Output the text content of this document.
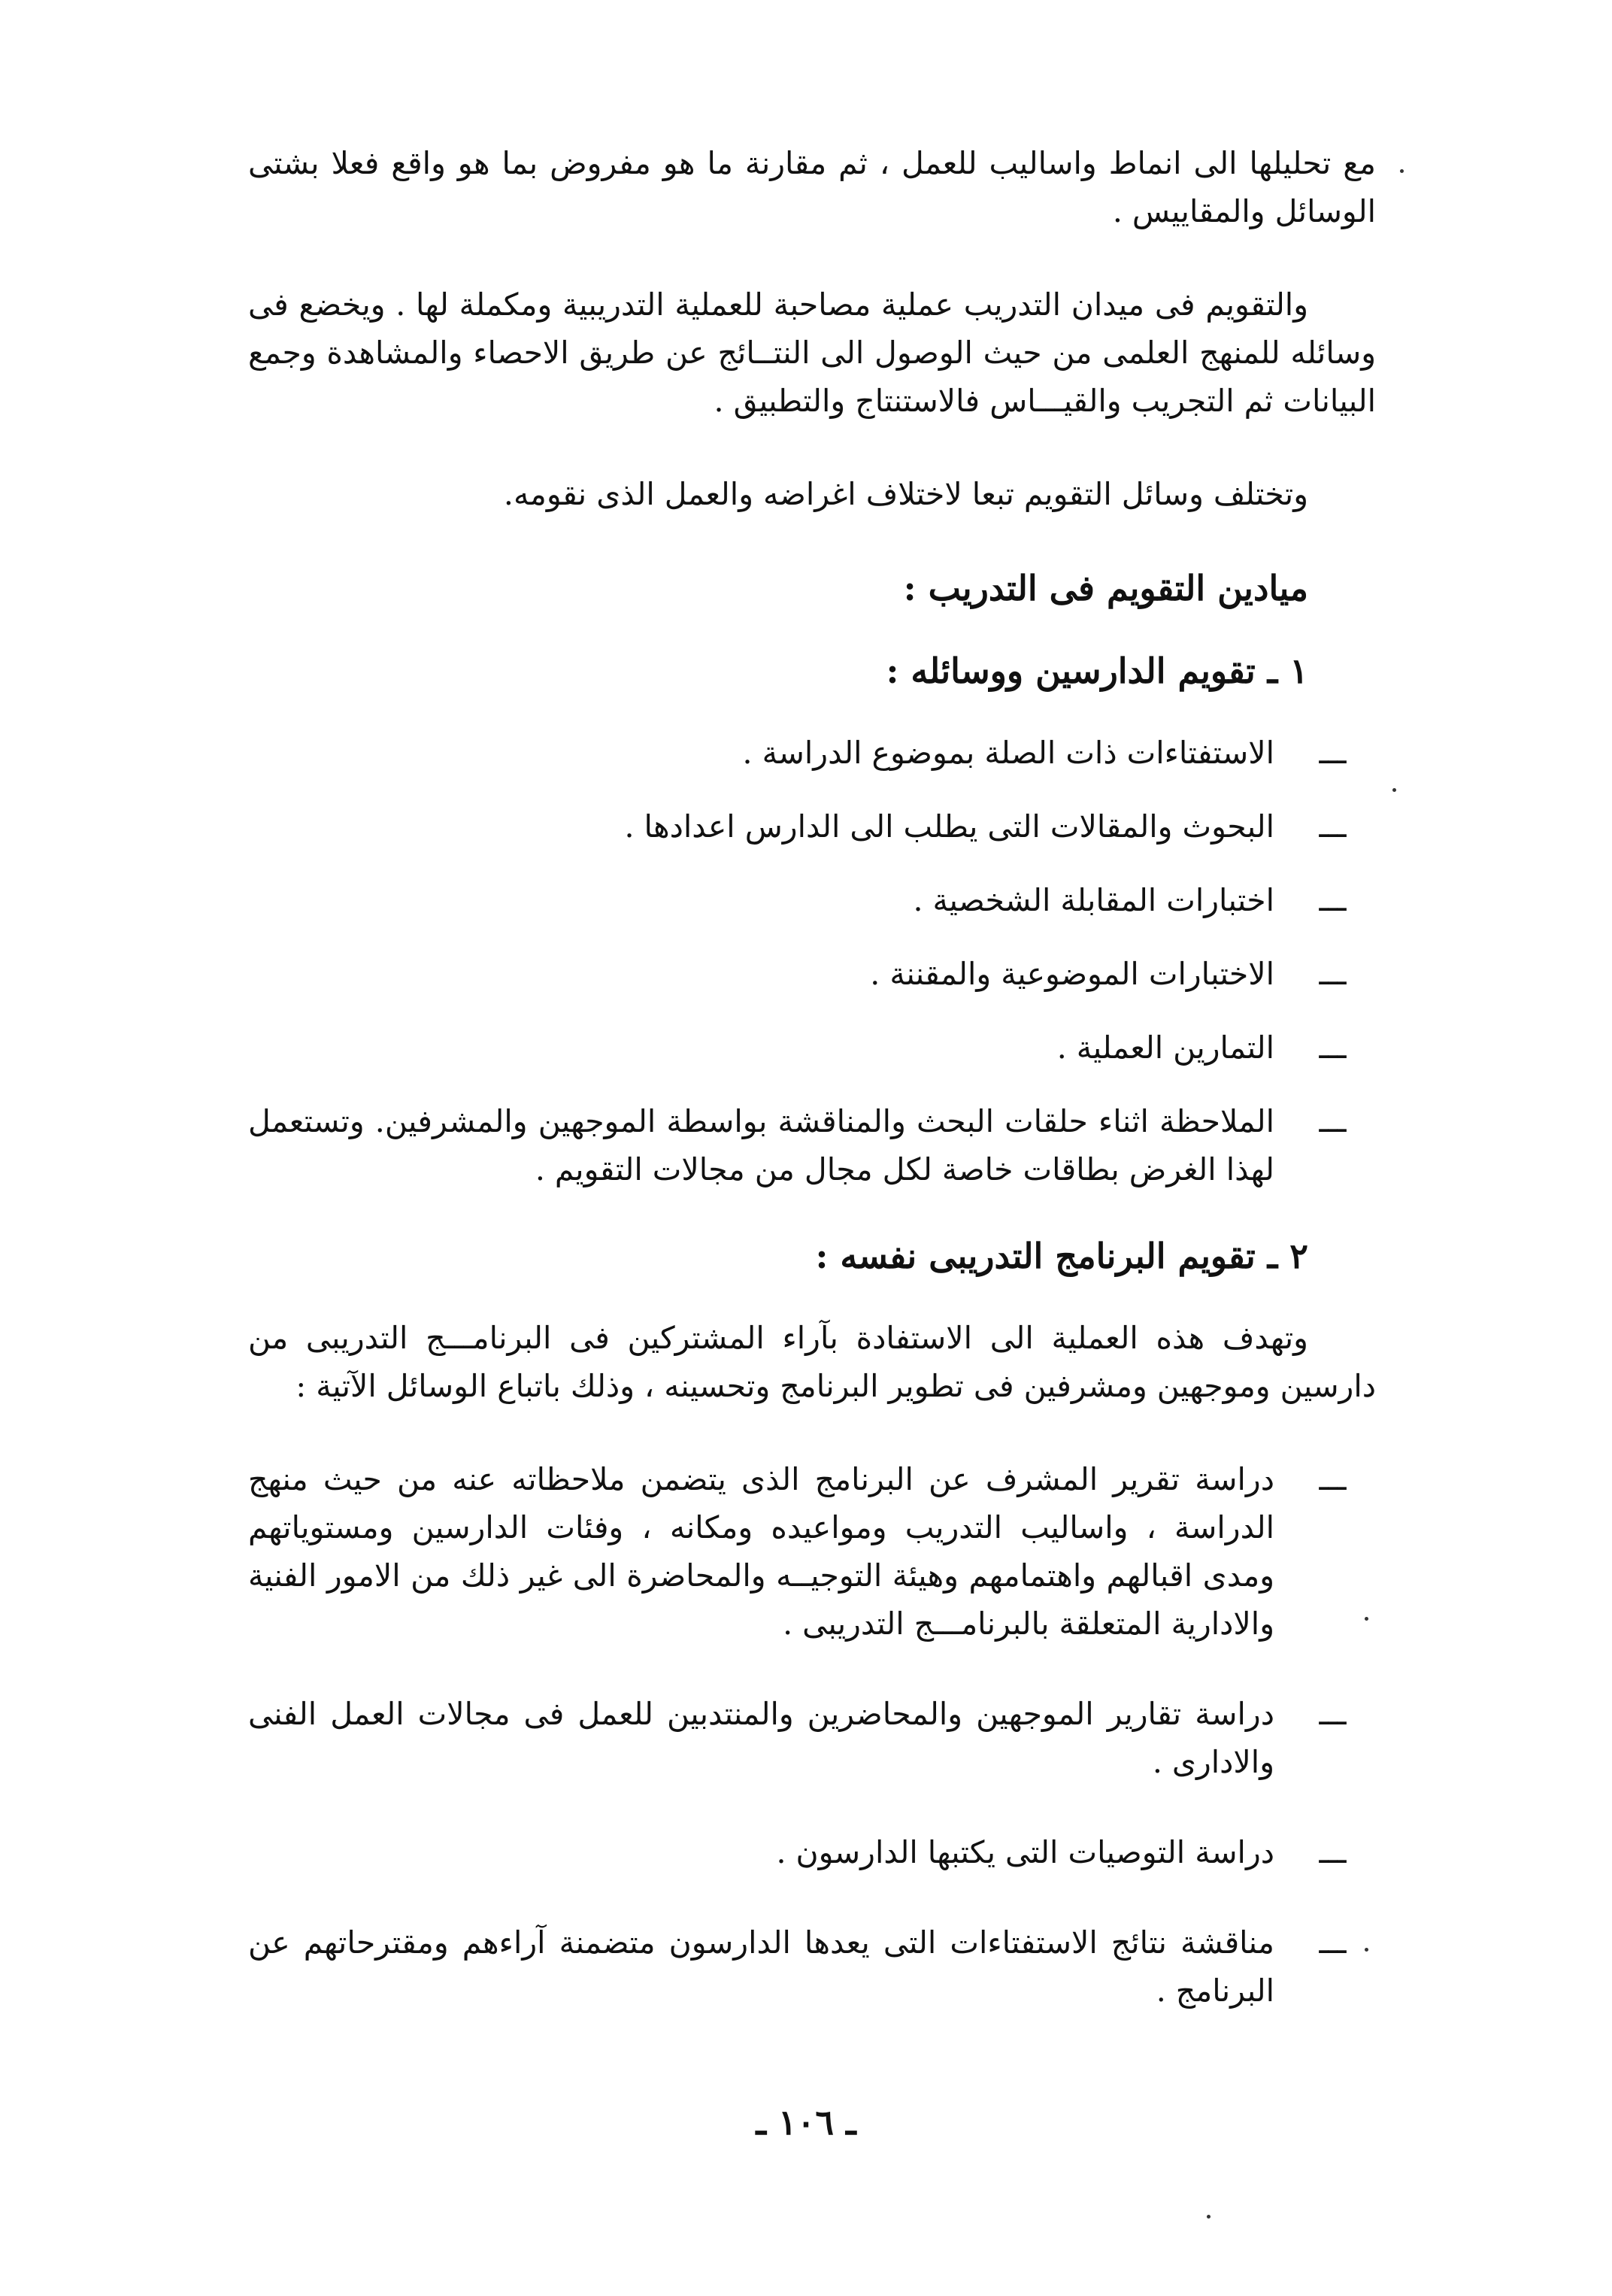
مع تحليلها الى انماط واساليب للعمل ، ثم مقارنة ما هو مفروض بما هو واقع فعلا بشتى الوسائل والمقاييس .

والتقويم فى ميدان التدريب عملية مصاحبة للعملية التدريبية ومكملة لها . ويخضع فى وسائله للمنهج العلمى من حيث الوصول الى النتــائج عن طريق الاحصاء والمشاهدة وجمع البيانات ثم التجريب والقيـــاس فالاستنتاج والتطبيق .

وتختلف وسائل التقويم تبعا لاختلاف اغراضه والعمل الذى نقومه.

ميادين التقويم فى التدريب :
١ ـ تقويم الدارسين ووسائله :
ـــ
الاستفتاءات ذات الصلة بموضوع الدراسة .
ـــ
البحوث والمقالات التى يطلب الى الدارس اعدادها .
ـــ
اختبارات المقابلة الشخصية .
ـــ
الاختبارات الموضوعية والمقننة .
ـــ
التمارين العملية .
ـــ
الملاحظة اثناء حلقات البحث والمناقشة بواسطة الموجهين والمشرفين. وتستعمل لهذا الغرض بطاقات خاصة لكل مجال من مجالات التقويم .
٢ ـ تقويم البرنامج التدريبى نفسه :

وتهدف هذه العملية الى الاستفادة بآراء المشتركين فى البرنامـــج التدريبى من دارسين وموجهين ومشرفين فى تطوير البرنامج وتحسينه ، وذلك باتباع الوسائل الآتية :

ـــ
دراسة تقرير المشرف عن البرنامج الذى يتضمن ملاحظاته عنه من حيث منهج الدراسة ، واساليب التدريب ومواعيده ومكانه ، وفئات الدارسين ومستوياتهم ومدى اقبالهم واهتمامهم وهيئة التوجيــه والمحاضرة الى غير ذلك من الامور الفنية والادارية المتعلقة بالبرنامـــج التدريبى .
ـــ
دراسة تقارير الموجهين والمحاضرين والمنتدبين للعمل فى مجالات العمل الفنى والادارى .
ـــ
دراسة التوصيات التى يكتبها الدارسون .
ـــ
مناقشة نتائج الاستفتاءات التى يعدها الدارسون متضمنة آراءهم ومقترحاتهم عن البرنامج .
ـ ١٠٦ ـ
